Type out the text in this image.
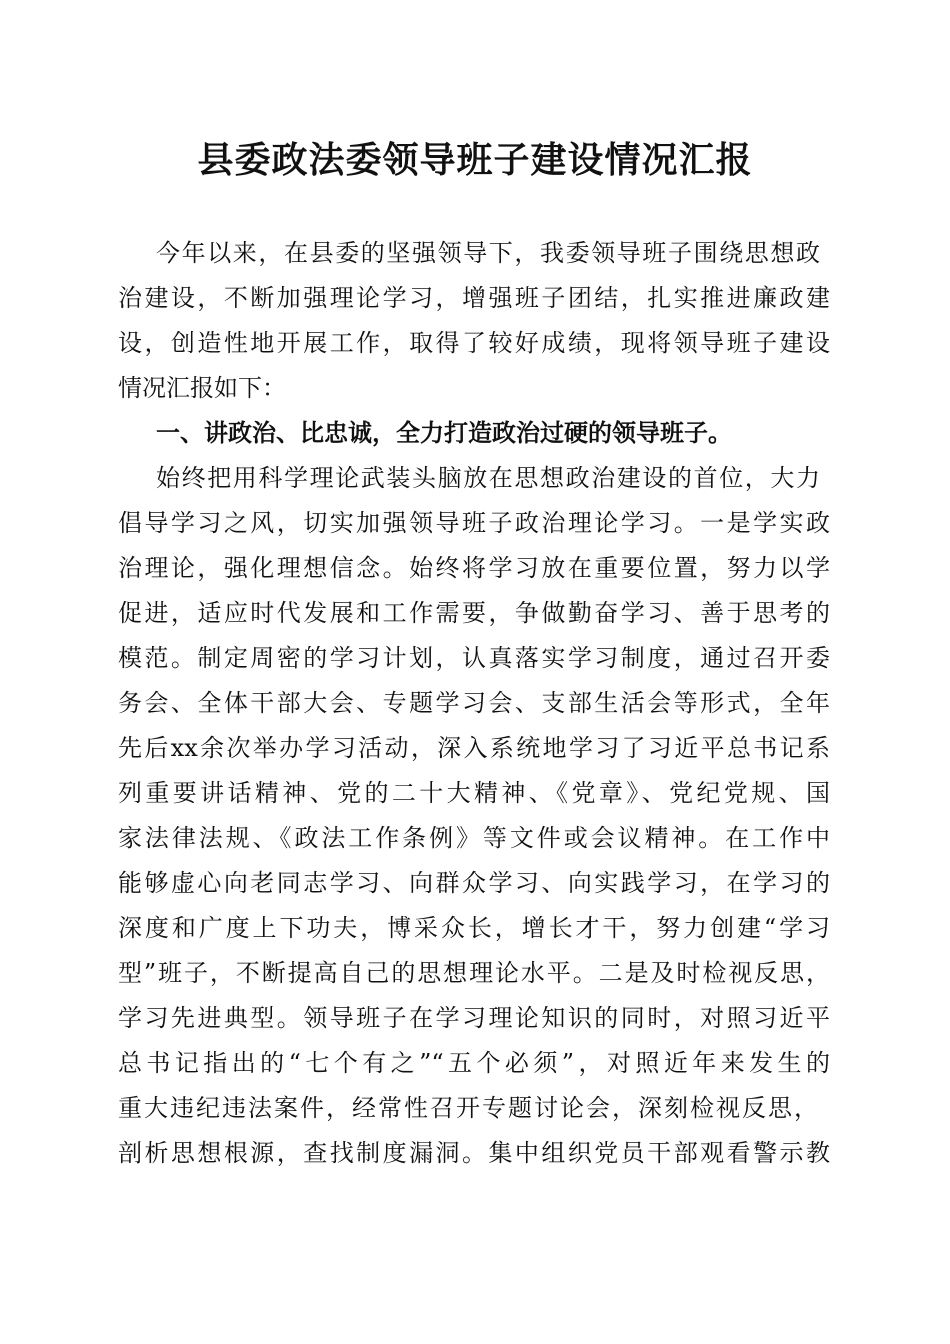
县委政法委领导班子建设情况汇报
今年以来，在县委的坚强领导下，我委领导班子围绕思想政
治建设，不断加强理论学习，增强班子团结，扎实推进廉政建
设，创造性地开展工作，取得了较好成绩，现将领导班子建设
情况汇报如下：
一、讲政治、比忠诚，全力打造政治过硬的领导班子。
始终把用科学理论武装头脑放在思想政治建设的首位，大力
倡导学习之风，切实加强领导班子政治理论学习。一是学实政
治理论，强化理想信念。始终将学习放在重要位置，努力以学
促进，适应时代发展和工作需要，争做勤奋学习、善于思考的
模范。制定周密的学习计划，认真落实学习制度，通过召开委
务会、全体干部大会、专题学习会、支部生活会等形式，全年
先后xx余次举办学习活动，深入系统地学习了习近平总书记系
列重要讲话精神、党的二十大精神、《党章》、党纪党规、国
家法律法规、《政法工作条例》等文件或会议精神。在工作中
能够虚心向老同志学习、向群众学习、向实践学习，在学习的
深度和广度上下功夫，博采众长，增长才干，努力创建“学习
型”班子，不断提高自己的思想理论水平。二是及时检视反思，
学习先进典型。领导班子在学习理论知识的同时，对照习近平
总书记指出的“七个有之”“五个必须”，对照近年来发生的
重大违纪违法案件，经常性召开专题讨论会，深刻检视反思，
剖析思想根源，查找制度漏洞。集中组织党员干部观看警示教
